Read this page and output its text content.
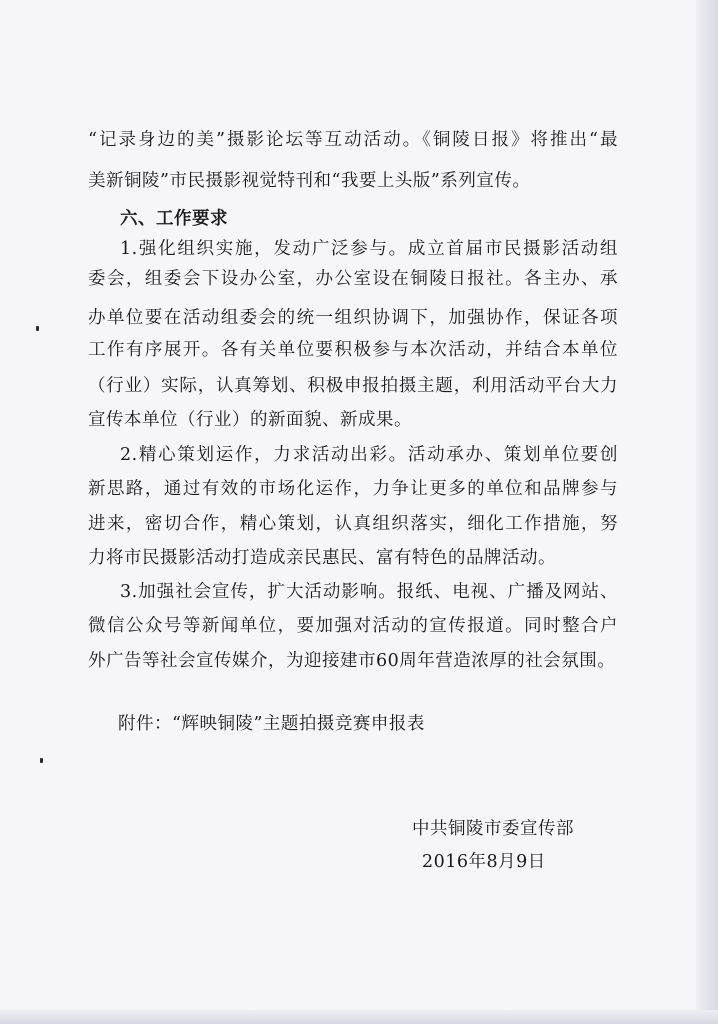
“记录身边的美”摄影论坛等互动活动。《铜陵日报》将推出“最
美新铜陵”市民摄影视觉特刊和“我要上头版”系列宣传。
六、工作要求
1.强化组织实施，发动广泛参与。成立首届市民摄影活动组
委会，组委会下设办公室，办公室设在铜陵日报社。各主办、承
办单位要在活动组委会的统一组织协调下，加强协作，保证各项
工作有序展开。各有关单位要积极参与本次活动，并结合本单位
（行业）实际，认真筹划、积极申报拍摄主题，利用活动平台大力
宣传本单位（行业）的新面貌、新成果。
2.精心策划运作，力求活动出彩。活动承办、策划单位要创
新思路，通过有效的市场化运作，力争让更多的单位和品牌参与
进来，密切合作，精心策划，认真组织落实，细化工作措施，努
力将市民摄影活动打造成亲民惠民、富有特色的品牌活动。
3.加强社会宣传，扩大活动影响。报纸、电视、广播及网站、
微信公众号等新闻单位，要加强对活动的宣传报道。同时整合户
外广告等社会宣传媒介，为迎接建市60周年营造浓厚的社会氛围。
附件：“辉映铜陵”主题拍摄竞赛申报表
中共铜陵市委宣传部
2016年8月9日
